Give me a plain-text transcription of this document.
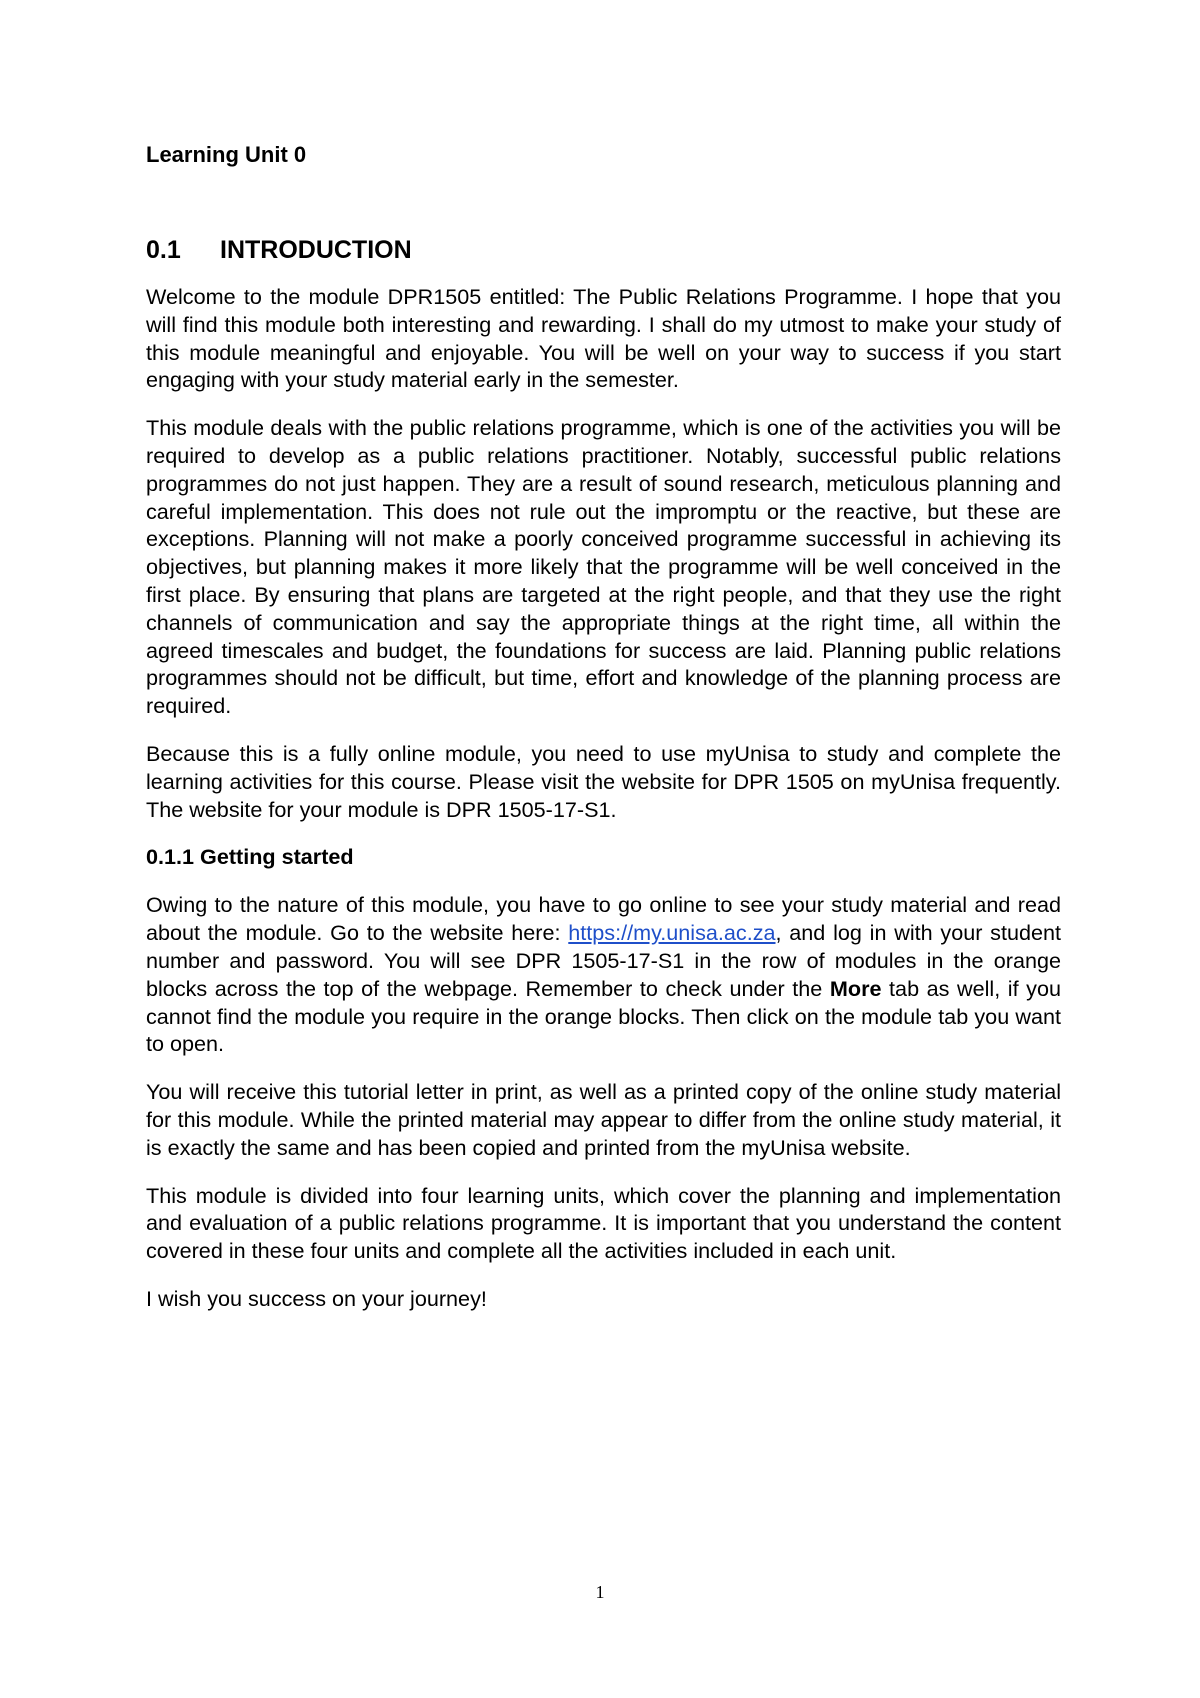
Learning Unit 0

0.1	INTRODUCTION

Welcome to the module DPR1505 entitled: The Public Relations Programme. I hope that you will find this module both interesting and rewarding. I shall do my utmost to make your study of this module meaningful and enjoyable. You will be well on your way to success if you start engaging with your study material early in the semester.

This module deals with the public relations programme, which is one of the activities you will be required to develop as a public relations practitioner. Notably, successful public relations programmes do not just happen. They are a result of sound research, meticulous planning and careful implementation. This does not rule out the impromptu or the reactive, but these are exceptions. Planning will not make a poorly conceived programme successful in achieving its objectives, but planning makes it more likely that the programme will be well conceived in the first place. By ensuring that plans are targeted at the right people, and that they use the right channels of communication and say the appropriate things at the right time, all within the agreed timescales and budget, the foundations for success are laid. Planning public relations programmes should not be difficult, but time, effort and knowledge of the planning process are required.

Because this is a fully online module, you need to use myUnisa to study and complete the learning activities for this course. Please visit the website for DPR 1505 on myUnisa frequently. The website for your module is DPR 1505-17-S1.

0.1.1 Getting started

Owing to the nature of this module, you have to go online to see your study material and read about the module. Go to the website here: https://my.unisa.ac.za, and log in with your student number and password. You will see DPR 1505-17-S1 in the row of modules in the orange blocks across the top of the webpage. Remember to check under the More tab as well, if you cannot find the module you require in the orange blocks. Then click on the module tab you want to open.

You will receive this tutorial letter in print, as well as a printed copy of the online study material for this module. While the printed material may appear to differ from the online study material, it is exactly the same and has been copied and printed from the myUnisa website.

This module is divided into four learning units, which cover the planning and implementation and evaluation of a public relations programme. It is important that you understand the content covered in these four units and complete all the activities included in each unit.

I wish you success on your journey!

1
